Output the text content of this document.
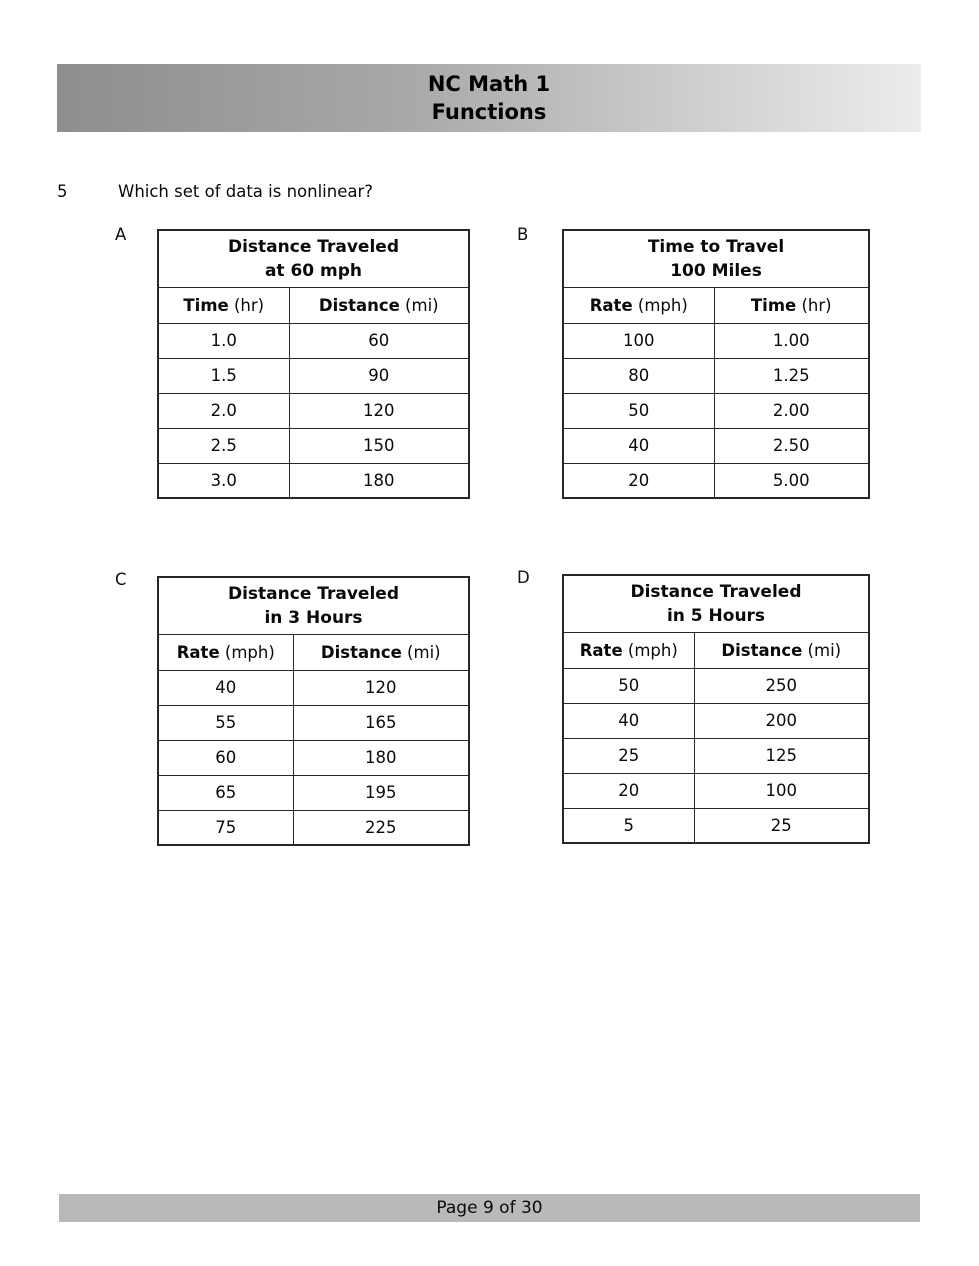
NC Math 1
Functions
5	Which set of data is nonlinear?
A
Distance Traveled
at 60 mph	

Time (hr)	Distance (mi)
1.0	60
1.5	90
2.0	120
2.5	150
3.0	180
B
Time to Travel
100 Miles	

Rate (mph)	Time (hr)
100	1.00
80	1.25
50	2.00
40	2.50
20	5.00
C
Distance Traveled
in 3 Hours	

Rate (mph)	Distance (mi)
40	120
55	165
60	180
65	195
75	225
D
Distance Traveled
in 5 Hours	

Rate (mph)	Distance (mi)
50	250
40	200
25	125
20	100
5	25
Page 9 of 30
